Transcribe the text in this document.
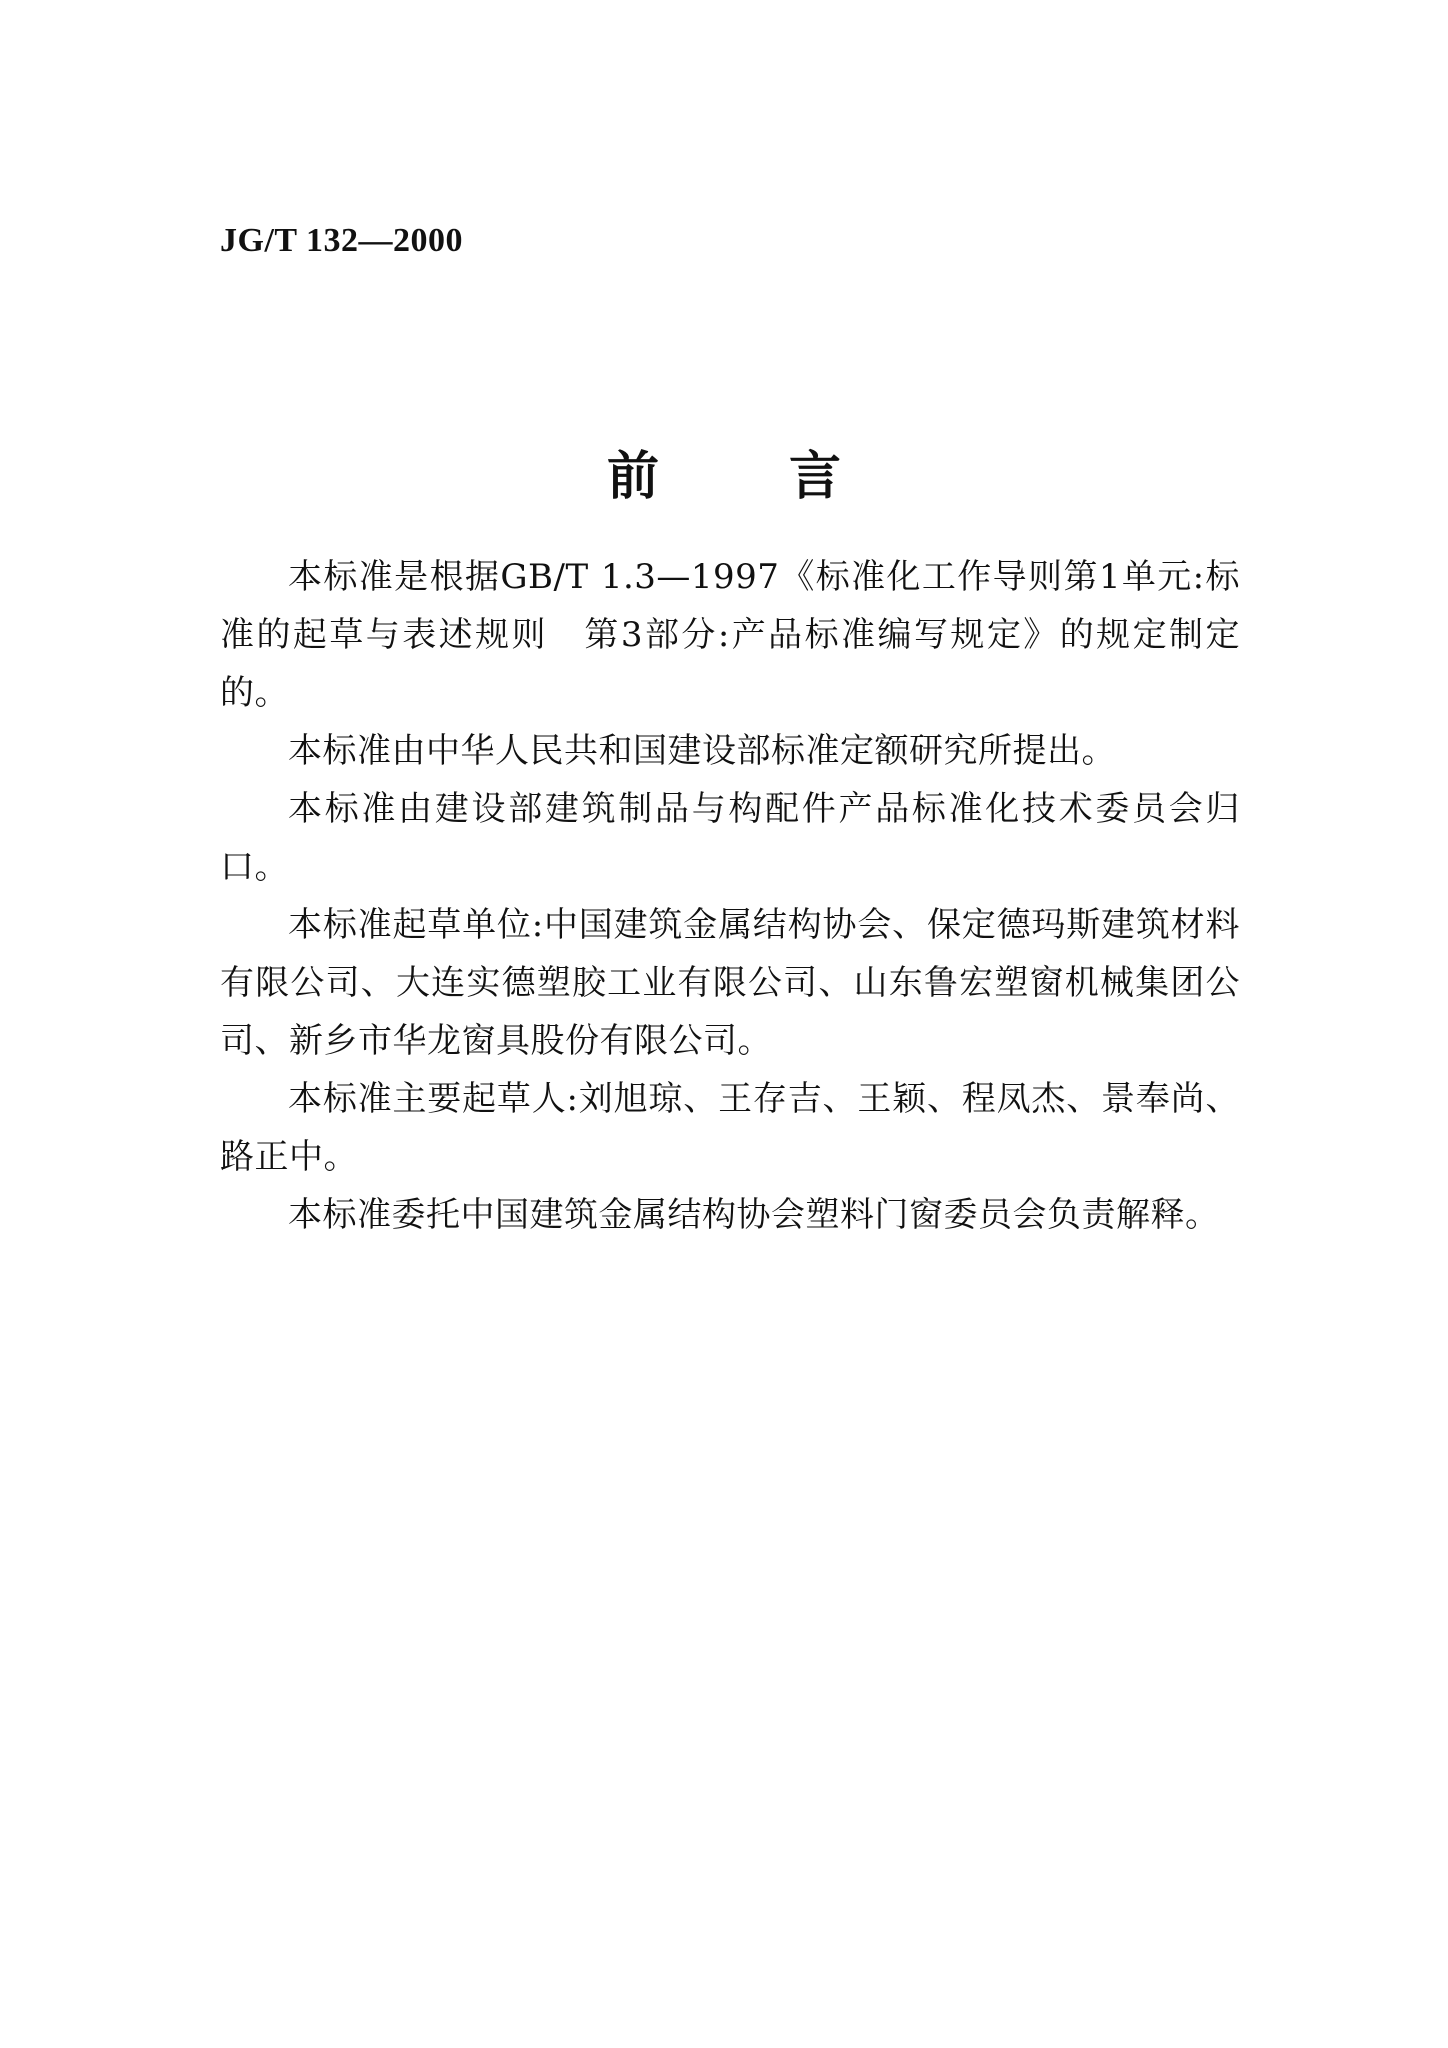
JG/T 132—2000
前	言

本标准是根据GB/T 1.3—1997《标准化工作导则第1单元:标准的起草与表述规则　第3部分:产品标准编写规定》的规定制定的。

本标准由中华人民共和国建设部标准定额研究所提出。

本标准由建设部建筑制品与构配件产品标准化技术委员会归口。

本标准起草单位:中国建筑金属结构协会、保定德玛斯建筑材料有限公司、大连实德塑胶工业有限公司、山东鲁宏塑窗机械集团公司、新乡市华龙窗具股份有限公司。

本标准主要起草人:刘旭琼、王存吉、王颖、程凤杰、景奉尚、路正中。

本标准委托中国建筑金属结构协会塑料门窗委员会负责解释。
